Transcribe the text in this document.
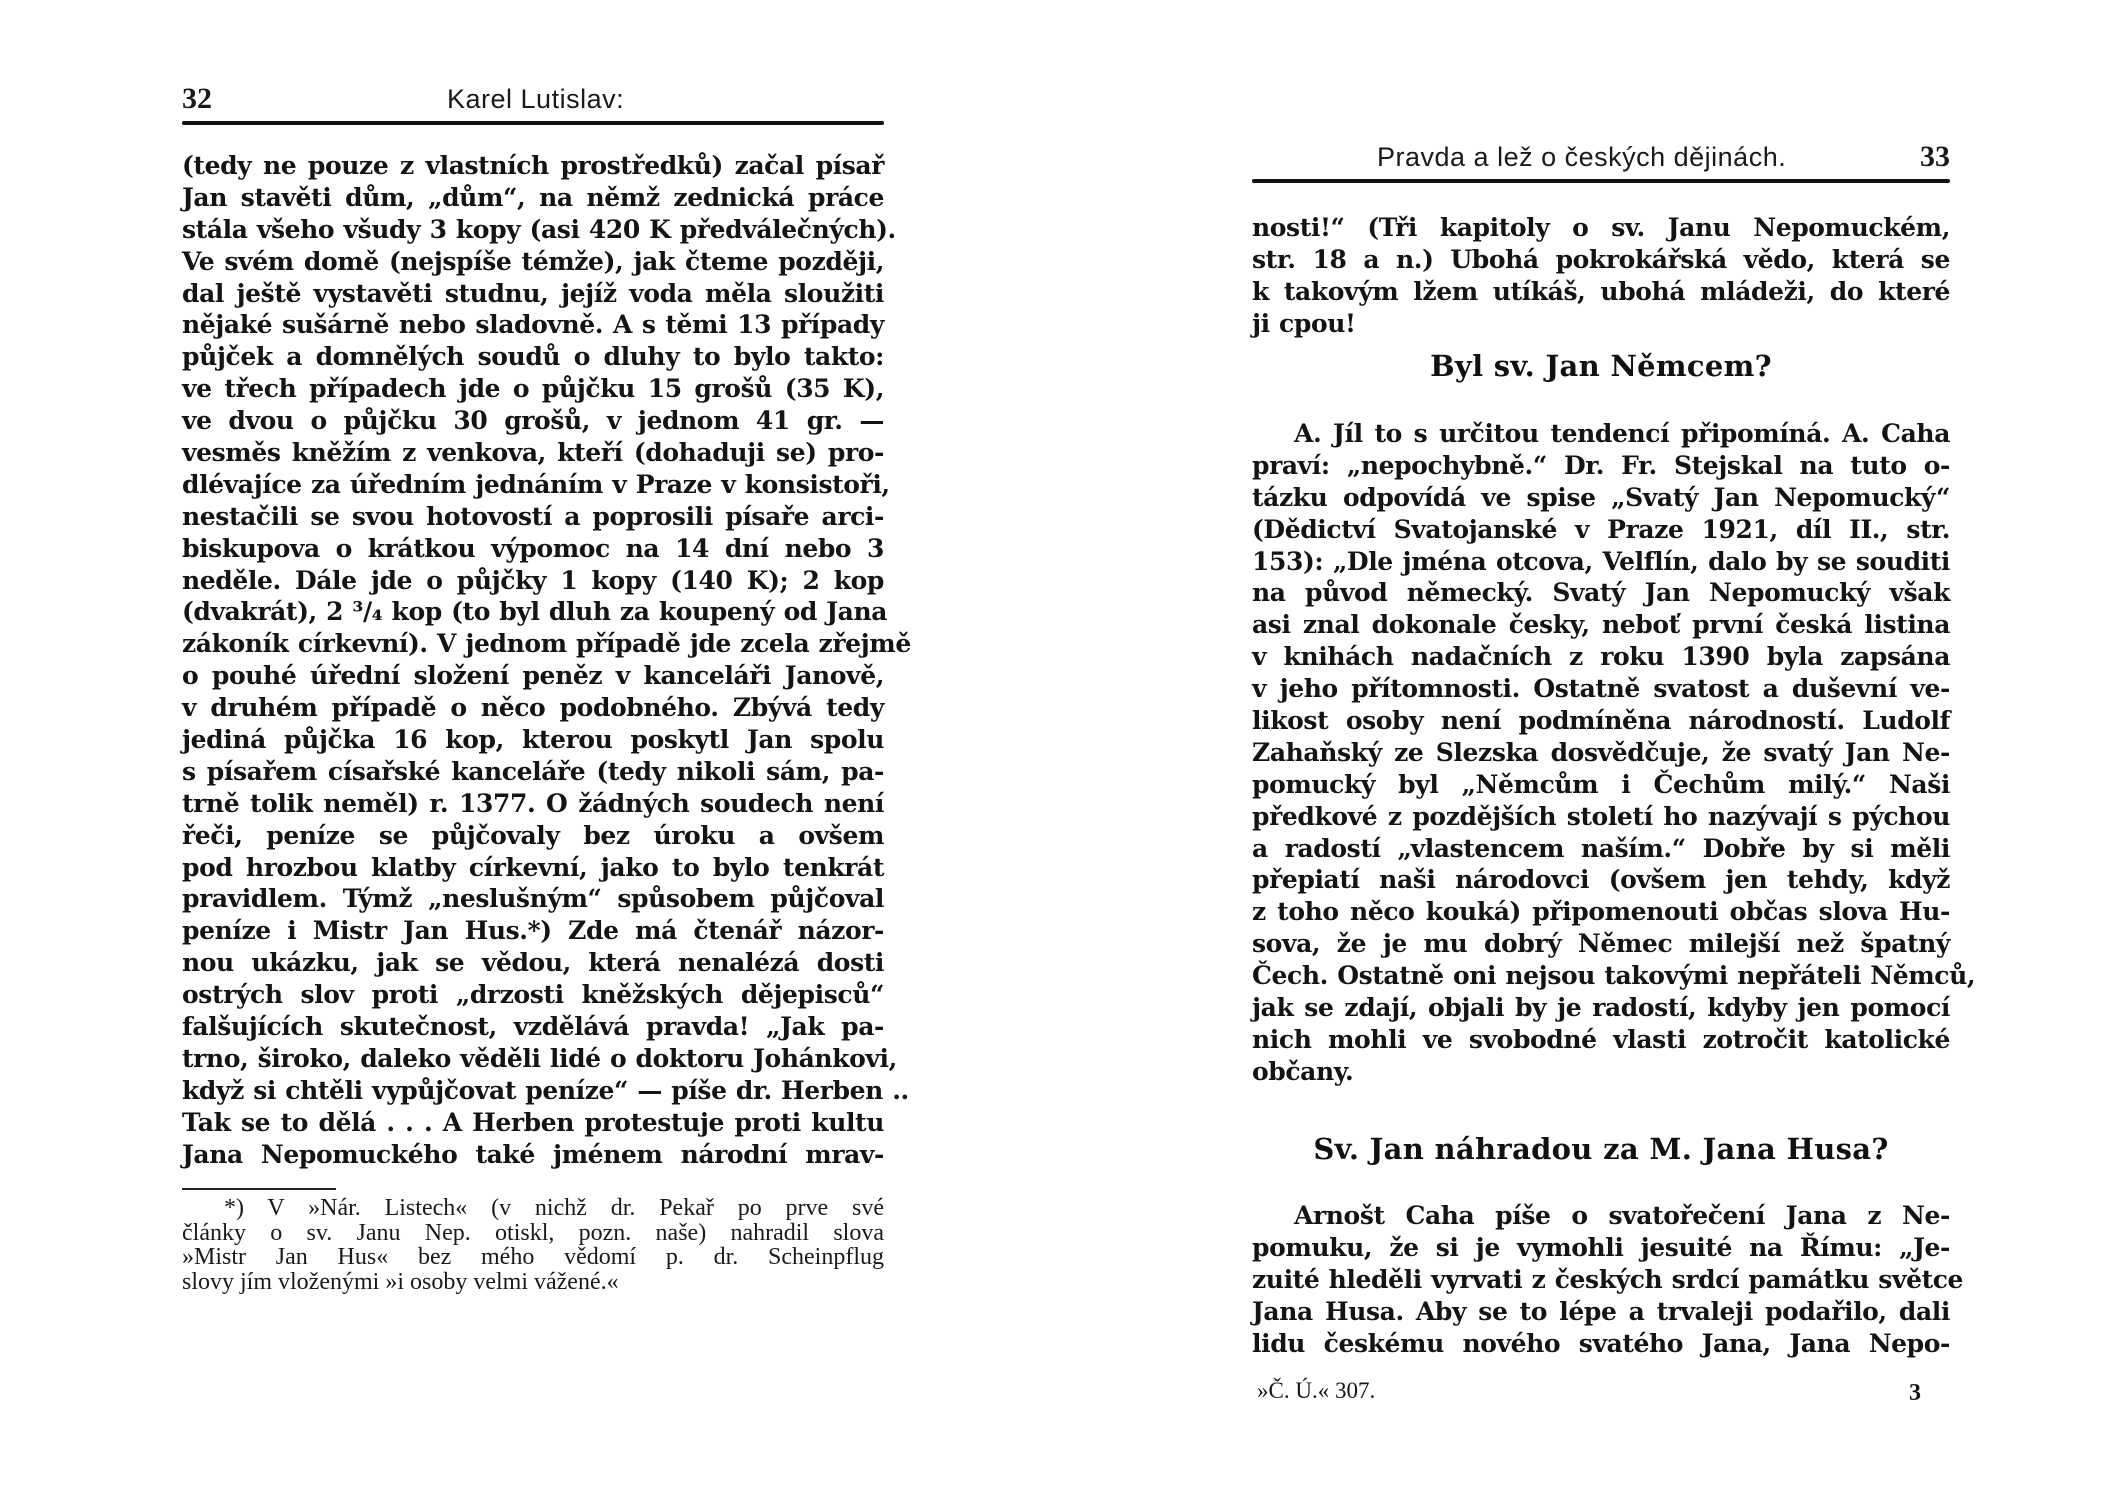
32	Karel Lutislav:
(tedy ne pouze z vlastních prostředků) začal písař
Jan stavěti dům, „dům“, na němž zednická práce
stála všeho všudy 3 kopy (asi 420 K předválečných).
Ve svém domě (nejspíše témže), jak čteme později,
dal ještě vystavěti studnu, jejíž voda měla sloužiti
nějaké sušárně nebo sladovně. A s těmi 13 případy
půjček a domnělých soudů o dluhy to bylo takto:
ve třech případech jde o půjčku 15 grošů (35 K),
ve dvou o půjčku 30 grošů, v jednom 41 gr. —
vesměs kněžím z venkova, kteří (dohaduji se) pro-
dlévajíce za úředním jednáním v Praze v konsistoři,
nestačili se svou hotovostí a poprosili písaře arci-
biskupova o krátkou výpomoc na 14 dní nebo 3
neděle. Dále jde o půjčky 1 kopy (140 K); 2 kop
(dvakrát), 2 ³/₄ kop (to byl dluh za koupený od Jana
zákoník církevní). V jednom případě jde zcela zřejmě
o pouhé úřední složení peněz v kanceláři Janově,
v druhém případě o něco podobného. Zbývá tedy
jediná půjčka 16 kop, kterou poskytl Jan spolu
s písařem císařské kanceláře (tedy nikoli sám, pa-
trně tolik neměl) r. 1377. O žádných soudech není
řeči, peníze se půjčovaly bez úroku a ovšem
pod hrozbou klatby církevní, jako to bylo tenkrát
pravidlem. Týmž „neslušným“ spůsobem půjčoval
peníze i Mistr Jan Hus.*) Zde má čtenář názor-
nou ukázku, jak se vědou, která nenalézá dosti
ostrých slov proti „drzosti kněžských dějepisců“
falšujících skutečnost, vzdělává pravda! „Jak pa-
trno, široko, daleko věděli lidé o doktoru Johánkovi,
když si chtěli vypůjčovat peníze“ — píše dr. Herben ..
Tak se to dělá . . . A Herben protestuje proti kultu
Jana Nepomuckého také jménem národní mrav-
*) V »Nár. Listech« (v nichž dr. Pekař po prve své
články o sv. Janu Nep. otiskl, pozn. naše) nahradil slova
»Mistr Jan Hus« bez mého vědomí p. dr. Scheinpflug
slovy jím vloženými »i osoby velmi vážené.«
Pravda a lež o českých dějinách.	33
nosti!“ (Tři kapitoly o sv. Janu Nepomuckém,
str. 18 a n.) Ubohá pokrokářská vědo, která se
k takovým lžem utíkáš, ubohá mládeži, do které
ji cpou!
Byl sv. Jan Němcem?
A. Jíl to s určitou tendencí připomíná. A. Caha
praví: „nepochybně.“ Dr. Fr. Stejskal na tuto o-
tázku odpovídá ve spise „Svatý Jan Nepomucký“
(Dědictví Svatojanské v Praze 1921, díl II., str.
153): „Dle jména otcova, Velflín, dalo by se souditi
na původ německý. Svatý Jan Nepomucký však
asi znal dokonale česky, neboť první česká listina
v knihách nadačních z roku 1390 byla zapsána
v jeho přítomnosti. Ostatně svatost a duševní ve-
likost osoby není podmíněna národností. Ludolf
Zahaňský ze Slezska dosvědčuje, že svatý Jan Ne-
pomucký byl „Němcům i Čechům milý.“ Naši
předkové z pozdějších století ho nazývají s pýchou
a radostí „vlastencem naším.“ Dobře by si měli
přepiatí naši národovci (ovšem jen tehdy, když
z toho něco kouká) připomenouti občas slova Hu-
sova, že je mu dobrý Němec milejší než špatný
Čech. Ostatně oni nejsou takovými nepřáteli Němců,
jak se zdají, objali by je radostí, kdyby jen pomocí
nich mohli ve svobodné vlasti zotročit katolické
občany.
Sv. Jan náhradou za M. Jana Husa?
Arnošt Caha píše o svatořečení Jana z Ne-
pomuku, že si je vymohli jesuité na Římu: „Je-
zuité hleděli vyrvati z českých srdcí památku světce
Jana Husa. Aby se to lépe a trvaleji podařilo, dali
lidu českému nového svatého Jana, Jana Nepo-
»Č. Ú.« 307.	3
